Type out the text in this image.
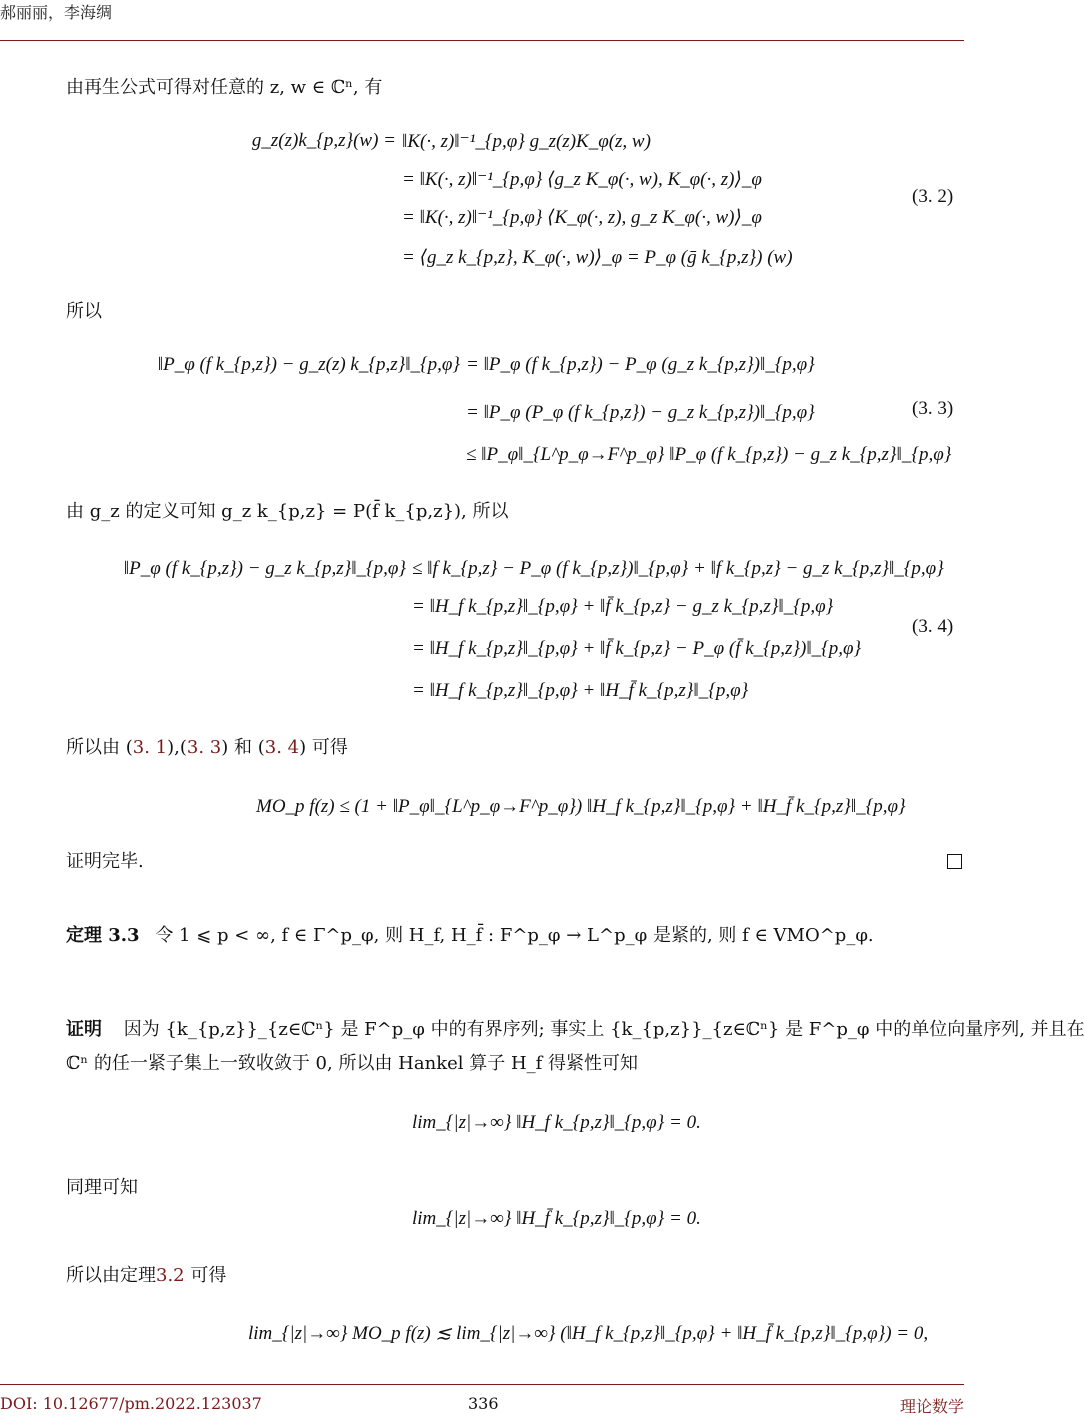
郝丽丽，李海绸
由再生公式可得对任意的 z, w ∈ ℂⁿ, 有
g_z(z)k_{p,z}(w) = ‖K(·, z)‖⁻¹_{p,φ} g_z(z)K_φ(z, w)
= ‖K(·, z)‖⁻¹_{p,φ} ⟨g_z K_φ(·, w), K_φ(·, z)⟩_φ
= ‖K(·, z)‖⁻¹_{p,φ} ⟨K_φ(·, z), g_z K_φ(·, w)⟩_φ
= ⟨g_z k_{p,z}, K_φ(·, w)⟩_φ = P_φ (ḡ k_{p,z}) (w)
(3. 2)
所以
‖P_φ (f k_{p,z}) − g_z(z) k_{p,z}‖_{p,φ} = ‖P_φ (f k_{p,z}) − P_φ (g_z k_{p,z})‖_{p,φ}
= ‖P_φ (P_φ (f k_{p,z}) − g_z k_{p,z})‖_{p,φ}
≤ ‖P_φ‖_{L^p_φ→F^p_φ} ‖P_φ (f k_{p,z}) − g_z k_{p,z}‖_{p,φ}
(3. 3)
由 g_z 的定义可知 g_z k_{p,z} = P(f̄ k_{p,z}), 所以
‖P_φ (f k_{p,z}) − g_z k_{p,z}‖_{p,φ} ≤ ‖f k_{p,z} − P_φ (f k_{p,z})‖_{p,φ} + ‖f k_{p,z} − g_z k_{p,z}‖_{p,φ}
= ‖H_f k_{p,z}‖_{p,φ} + ‖f̄ k_{p,z} − g_z k_{p,z}‖_{p,φ}
= ‖H_f k_{p,z}‖_{p,φ} + ‖f̄ k_{p,z} − P_φ (f̄ k_{p,z})‖_{p,φ}
= ‖H_f k_{p,z}‖_{p,φ} + ‖H_f̄ k_{p,z}‖_{p,φ}
(3. 4)
所以由 (3. 1),(3. 3) 和 (3. 4) 可得
MO_p f(z) ≤ (1 + ‖P_φ‖_{L^p_φ→F^p_φ}) ‖H_f k_{p,z}‖_{p,φ} + ‖H_f̄ k_{p,z}‖_{p,φ}
证明完毕.
定理 3.3 令 1 ⩽ p < ∞, f ∈ Γ^p_φ, 则 H_f, H_f̄ : F^p_φ → L^p_φ 是紧的, 则 f ∈ VMO^p_φ.
证明 因为 {k_{p,z}}_{z∈ℂⁿ} 是 F^p_φ 中的有界序列; 事实上 {k_{p,z}}_{z∈ℂⁿ} 是 F^p_φ 中的单位向量序列, 并且在
ℂⁿ 的任一紧子集上一致收敛于 0, 所以由 Hankel 算子 H_f 得紧性可知
lim_{|z|→∞} ‖H_f k_{p,z}‖_{p,φ} = 0.
同理可知
lim_{|z|→∞} ‖H_f̄ k_{p,z}‖_{p,φ} = 0.
所以由定理3.2 可得
lim_{|z|→∞} MO_p f(z) ≲ lim_{|z|→∞} (‖H_f k_{p,z}‖_{p,φ} + ‖H_f̄ k_{p,z}‖_{p,φ}) = 0,
DOI: 10.12677/pm.2022.123037	336	理论数学
